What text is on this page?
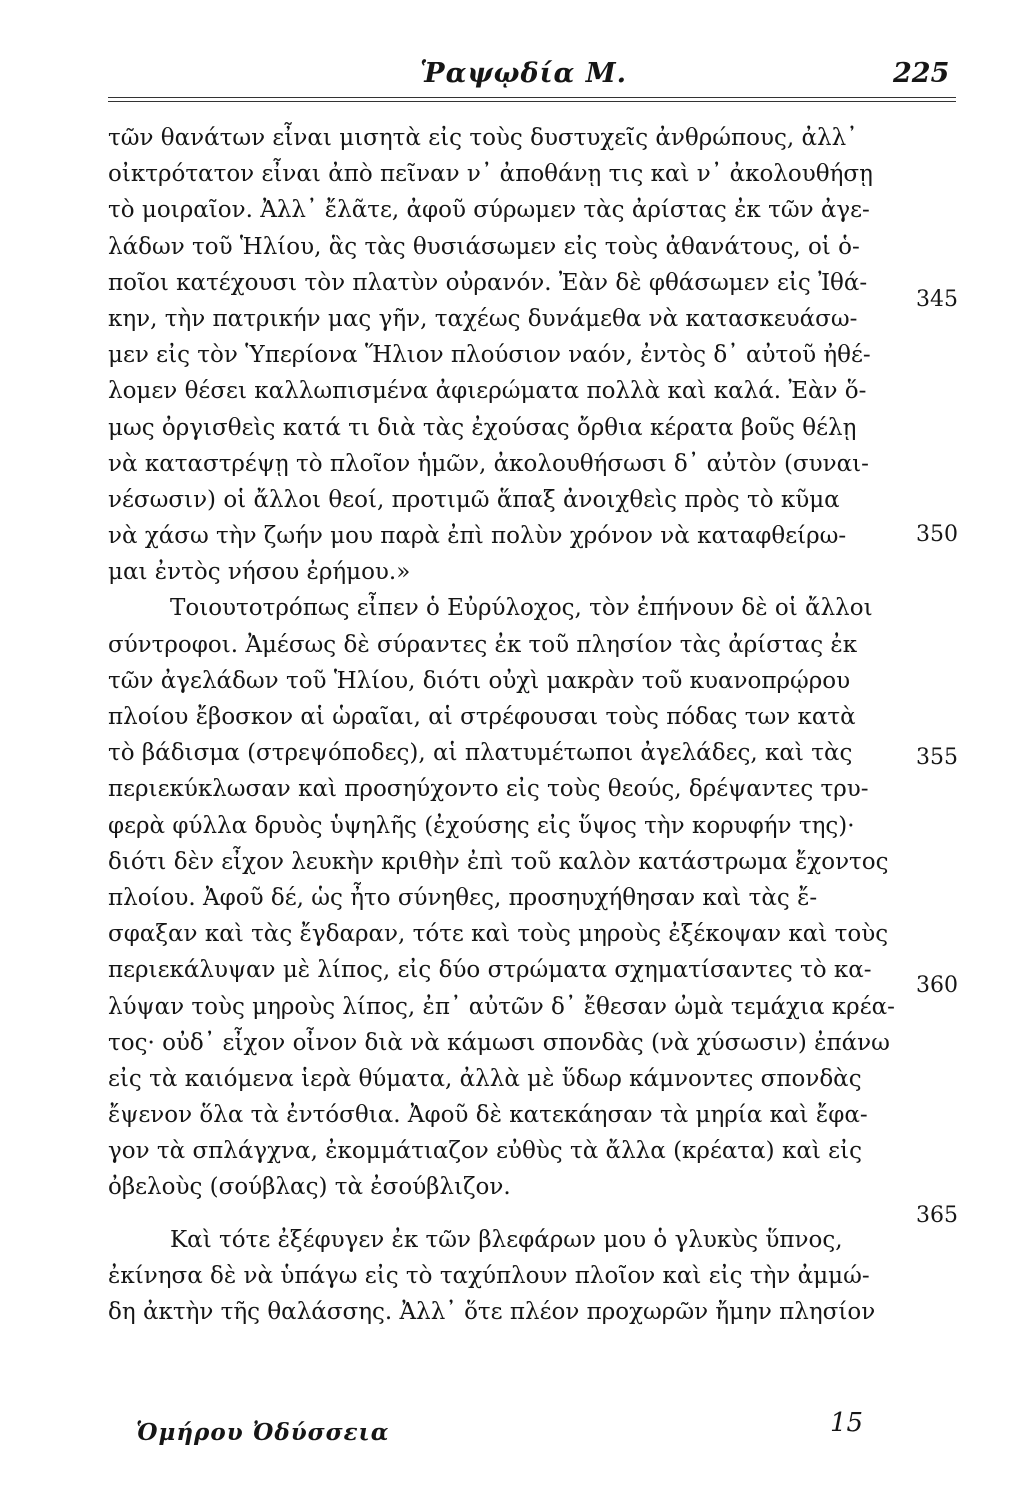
Ῥαψῳδία Μ.	225
τῶν θανάτων εἶναι μισητὰ εἰς τοὺς δυστυχεῖς ἀνθρώπους, ἀλλ᾽
οἰκτρότατον εἶναι ἀπὸ πεῖναν ν᾽ ἀποθάνῃ τις καὶ ν᾽ ἀκολουθήσῃ
τὸ μοιραῖον. Ἀλλ᾽ ἔλᾶτε, ἀφοῦ σύρωμεν τὰς ἀρίστας ἐκ τῶν ἀγε-
λάδων τοῦ Ἡλίου, ἃς τὰς θυσιάσωμεν εἰς τοὺς ἀθανάτους, οἱ ὁ-
ποῖοι κατέχουσι τὸν πλατὺν οὐρανόν. Ἐὰν δὲ φθάσωμεν εἰς Ἰθά-
κην, τὴν πατρικήν μας γῆν, ταχέως δυνάμεθα νὰ κατασκευάσω-
μεν εἰς τὸν Ὑπερίονα Ἥλιον πλούσιον ναόν, ἐντὸς δ᾽ αὐτοῦ ἠθέ-
λομεν θέσει καλλωπισμένα ἀφιερώματα πολλὰ καὶ καλά. Ἐὰν ὅ-
μως ὀργισθεὶς κατά τι διὰ τὰς ἐχούσας ὄρθια κέρατα βοῦς θέλῃ
νὰ καταστρέψῃ τὸ πλοῖον ἡμῶν, ἀκολουθήσωσι δ᾽ αὐτὸν (συναι-
νέσωσιν) οἱ ἄλλοι θεοί, προτιμῶ ἅπαξ ἀνοιχθεὶς πρὸς τὸ κῦμα
νὰ χάσω τὴν ζωήν μου παρὰ ἐπὶ πολὺν χρόνον νὰ καταφθείρω-
μαι ἐντὸς νήσου ἐρήμου.»
Τοιουτοτρόπως εἶπεν ὁ Εὐρύλοχος, τὸν ἐπήνουν δὲ οἱ ἄλλοι
σύντροφοι. Ἀμέσως δὲ σύραντες ἐκ τοῦ πλησίον τὰς ἀρίστας ἐκ
τῶν ἀγελάδων τοῦ Ἡλίου, διότι οὐχὶ μακρὰν τοῦ κυανοπρῴρου
πλοίου ἔβοσκον αἱ ὡραῖαι, αἱ στρέφουσαι τοὺς πόδας των κατὰ
τὸ βάδισμα (στρεψόποδες), αἱ πλατυμέτωποι ἀγελάδες, καὶ τὰς
περιεκύκλωσαν καὶ προσηύχοντο εἰς τοὺς θεούς, δρέψαντες τρυ-
φερὰ φύλλα δρυὸς ὑψηλῆς (ἐχούσης εἰς ὕψος τὴν κορυφήν της)·
διότι δὲν εἶχον λευκὴν κριθὴν ἐπὶ τοῦ καλὸν κατάστρωμα ἔχοντος
πλοίου. Ἀφοῦ δέ, ὡς ἦτο σύνηθες, προσηυχήθησαν καὶ τὰς ἔ-
σφαξαν καὶ τὰς ἔγδαραν, τότε καὶ τοὺς μηροὺς ἐξέκοψαν καὶ τοὺς
περιεκάλυψαν μὲ λίπος, εἰς δύο στρώματα σχηματίσαντες τὸ κα-
λύψαν τοὺς μηροὺς λίπος, ἐπ᾽ αὐτῶν δ᾽ ἔθεσαν ὠμὰ τεμάχια κρέα-
τος· οὐδ᾽ εἶχον οἶνον διὰ νὰ κάμωσι σπονδὰς (νὰ χύσωσιν) ἐπάνω
εἰς τὰ καιόμενα ἱερὰ θύματα, ἀλλὰ μὲ ὕδωρ κάμνοντες σπονδὰς
ἔψενον ὅλα τὰ ἐντόσθια. Ἀφοῦ δὲ κατεκάησαν τὰ μηρία καὶ ἔφα-
γον τὰ σπλάγχνα, ἐκομμάτιαζον εὐθὺς τὰ ἄλλα (κρέατα) καὶ εἰς
ὀβελοὺς (σούβλας) τὰ ἐσούβλιζον.
Καὶ τότε ἐξέφυγεν ἐκ τῶν βλεφάρων μου ὁ γλυκὺς ὕπνος,
ἐκίνησα δὲ νὰ ὑπάγω εἰς τὸ ταχύπλουν πλοῖον καὶ εἰς τὴν ἀμμώ-
δη ἀκτὴν τῆς θαλάσσης. Ἀλλ᾽ ὅτε πλέον προχωρῶν ἤμην πλησίον
345
350
355
360
365
Ὁμήρου Ὀδύσσεια	15
